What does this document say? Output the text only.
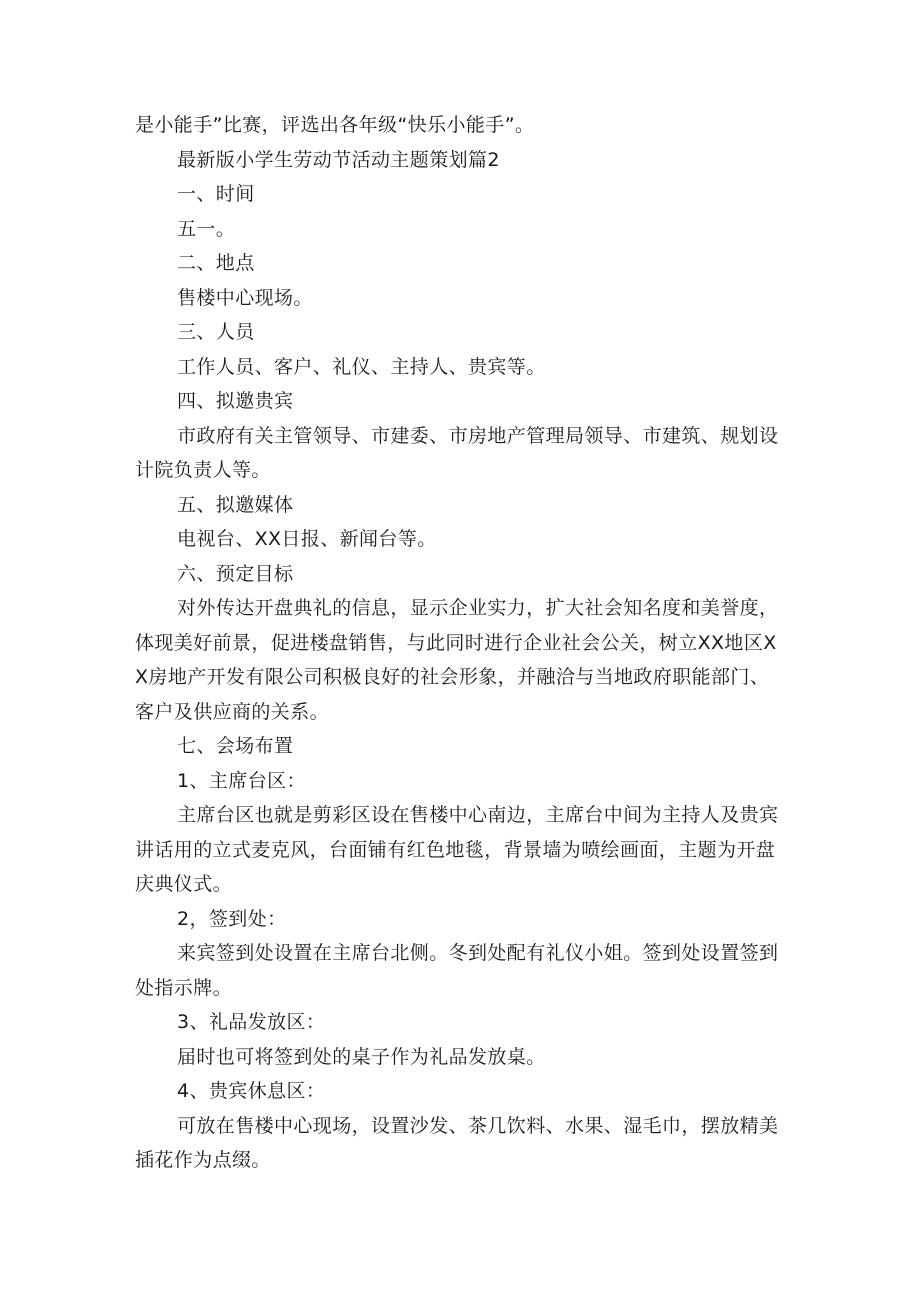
是小能手”比赛，评选出各年级“快乐小能手”。

最新版小学生劳动节活动主题策划篇2

一、时间

五一。

二、地点

售楼中心现场。

三、人员

工作人员、客户、礼仪、主持人、贵宾等。

四、拟邀贵宾

市政府有关主管领导、市建委、市房地产管理局领导、市建筑、规划设计院负责人等。

五、拟邀媒体

电视台、XX日报、新闻台等。

六、预定目标

对外传达开盘典礼的信息，显示企业实力，扩大社会知名度和美誉度，体现美好前景，促进楼盘销售，与此同时进行企业社会公关，树立XX地区XX房地产开发有限公司积极良好的社会形象，并融洽与当地政府职能部门、客户及供应商的关系。

七、会场布置

1、主席台区：

主席台区也就是剪彩区设在售楼中心南边，主席台中间为主持人及贵宾讲话用的立式麦克风，台面铺有红色地毯，背景墙为喷绘画面，主题为开盘庆典仪式。

2，签到处：

来宾签到处设置在主席台北侧。冬到处配有礼仪小姐。签到处设置签到处指示牌。

3、礼品发放区：

届时也可将签到处的桌子作为礼品发放桌。

4、贵宾休息区：

可放在售楼中心现场，设置沙发、茶几饮料、水果、湿毛巾，摆放精美插花作为点缀。
